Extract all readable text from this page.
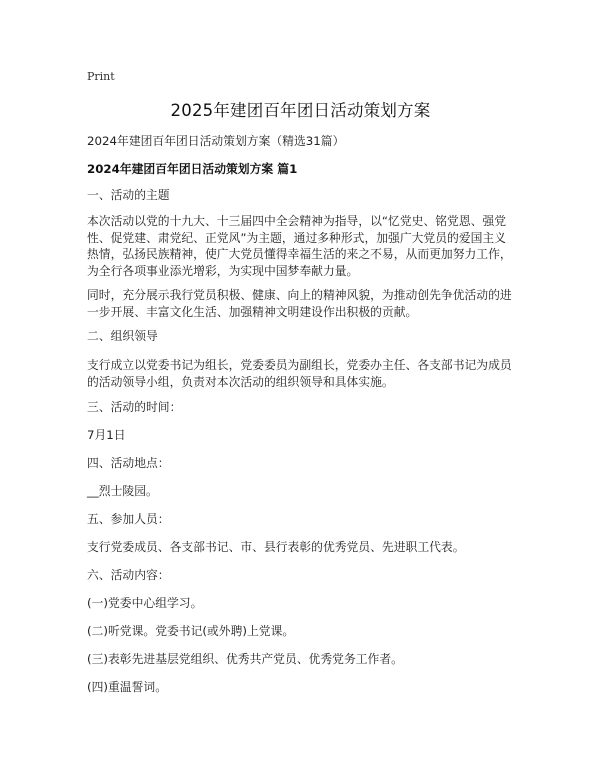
Print
2025年建团百年团日活动策划方案

2024年建团百年团日活动策划方案（精选31篇）

2024年建团百年团日活动策划方案 篇1

一、活动的主题

本次活动以党的十九大、十三届四中全会精神为指导，以“忆党史、铭党恩、强党性、促党建、肃党纪、正党风”为主题，通过多种形式，加强广大党员的爱国主义热情，弘扬民族精神，使广大党员懂得幸福生活的来之不易，从而更加努力工作，为全行各项事业添光增彩，为实现中国梦奉献力量。

同时，充分展示我行党员积极、健康、向上的精神风貌，为推动创先争优活动的进一步开展、丰富文化生活、加强精神文明建设作出积极的贡献。

二、组织领导

支行成立以党委书记为组长，党委委员为副组长，党委办主任、各支部书记为成员的活动领导小组，负责对本次活动的组织领导和具体实施。

三、活动的时间：

7月1日

四、活动地点：

__烈士陵园。

五、参加人员：

支行党委成员、各支部书记、市、县行表彰的优秀党员、先进职工代表。

六、活动内容：

(一)党委中心组学习。

(二)听党课。党委书记(或外聘)上党课。

(三)表彰先进基层党组织、优秀共产党员、优秀党务工作者。

(四)重温誓词。
